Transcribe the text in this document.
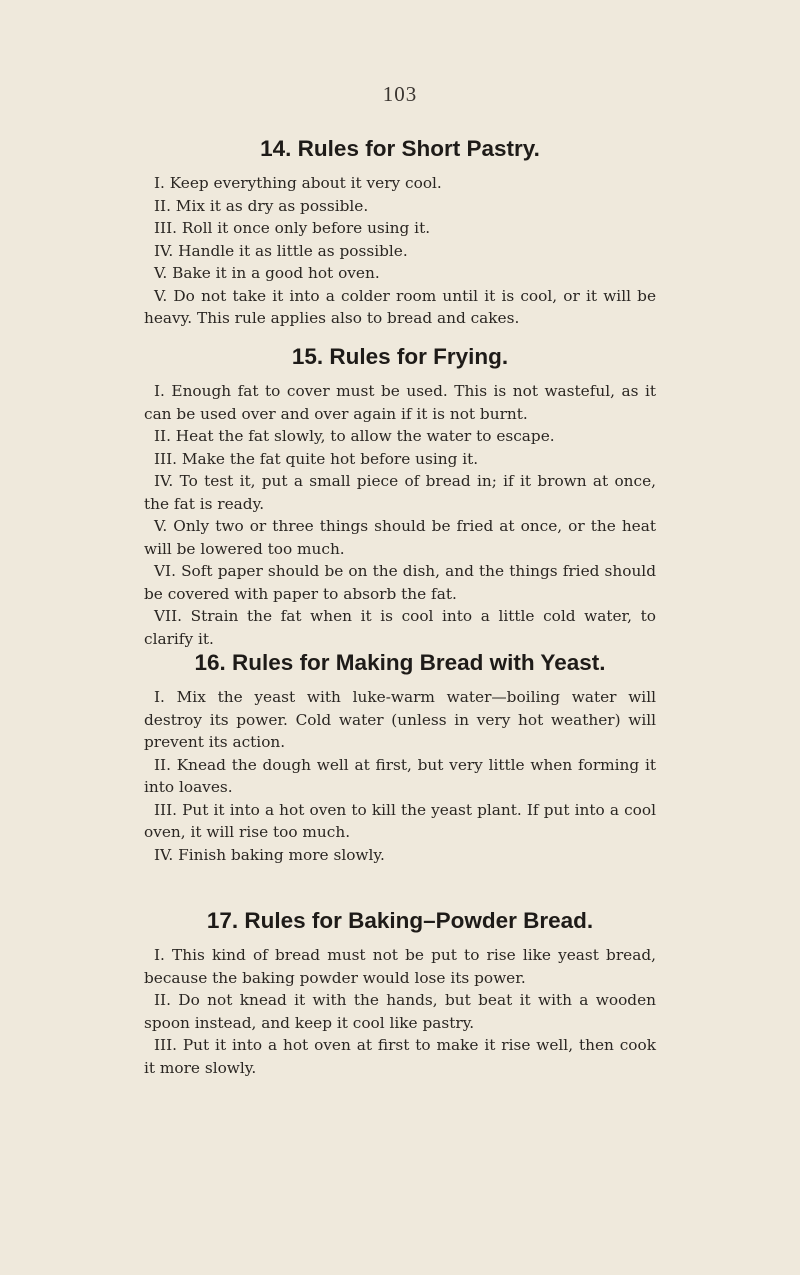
103
14. Rules for Short Pastry.

I. Keep everything about it very cool.

II. Mix it as dry as possible.

III. Roll it once only before using it.

IV. Handle it as little as possible.

V. Bake it in a good hot oven.

V. Do not take it into a colder room until it is cool, or it will be heavy. This rule applies also to bread and cakes.

15. Rules for Frying.

I. Enough fat to cover must be used. This is not wasteful, as it can be used over and over again if it is not burnt.

II. Heat the fat slowly, to allow the water to escape.

III. Make the fat quite hot before using it.

IV. To test it, put a small piece of bread in; if it brown at once, the fat is ready.

V. Only two or three things should be fried at once, or the heat will be lowered too much.

VI. Soft paper should be on the dish, and the things fried should be covered with paper to absorb the fat.

VII. Strain the fat when it is cool into a little cold water, to clarify it.

16. Rules for Making Bread with Yeast.

I. Mix the yeast with luke-warm water—boiling water will destroy its power. Cold water (unless in very hot weather) will prevent its action.

II. Knead the dough well at first, but very little when forming it into loaves.

III. Put it into a hot oven to kill the yeast plant. If put into a cool oven, it will rise too much.

IV. Finish baking more slowly.

17. Rules for Baking–Powder Bread.

I. This kind of bread must not be put to rise like yeast bread, because the baking powder would lose its power.

II. Do not knead it with the hands, but beat it with a wooden spoon instead, and keep it cool like pastry.

III. Put it into a hot oven at first to make it rise well, then cook it more slowly.
